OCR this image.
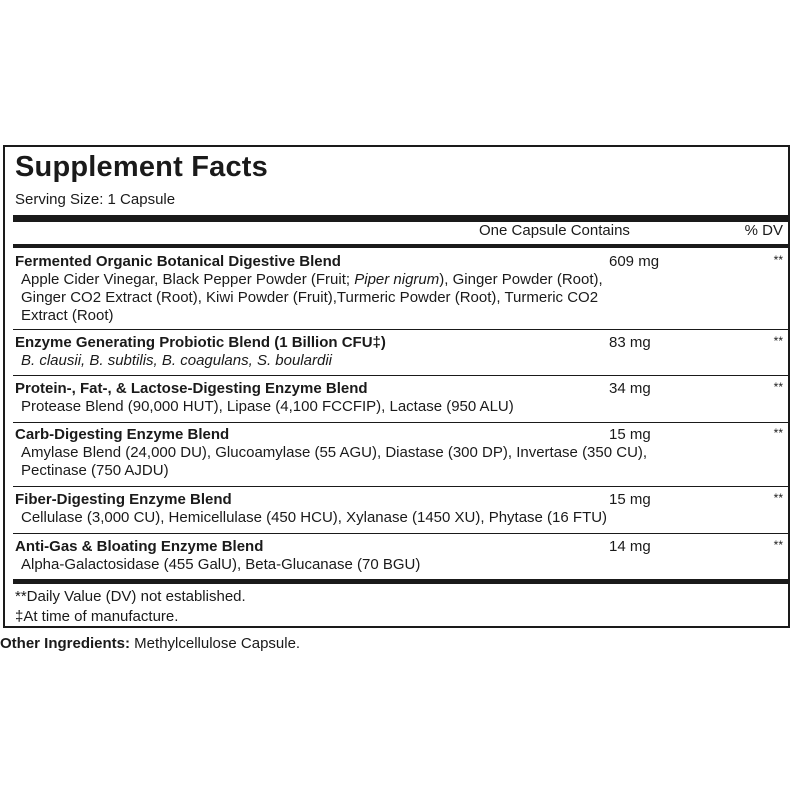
Supplement Facts
Serving Size: 1 Capsule
One Capsule Contains	% DV
Fermented Organic Botanical Digestive Blend	609 mg	**
Apple Cider Vinegar, Black Pepper Powder (Fruit; Piper nigrum), Ginger Powder (Root),
Ginger CO2 Extract (Root), Kiwi Powder (Fruit),Turmeric Powder (Root), Turmeric CO2
Extract (Root)
Enzyme Generating Probiotic Blend (1 Billion CFU‡)	83 mg	**
B. clausii, B. subtilis, B. coagulans, S. boulardii
Protein-, Fat-, & Lactose-Digesting Enzyme Blend	34 mg	**
Protease Blend (90,000 HUT), Lipase (4,100 FCCFIP), Lactase (950 ALU)
Carb-Digesting Enzyme Blend	15 mg	**
Amylase Blend (24,000 DU), Glucoamylase (55 AGU), Diastase (300 DP), Invertase (350 CU),
Pectinase (750 AJDU)
Fiber-Digesting Enzyme Blend	15 mg	**
Cellulase (3,000 CU), Hemicellulase (450 HCU), Xylanase (1450 XU), Phytase (16 FTU)
Anti-Gas & Bloating Enzyme Blend	14 mg	**
Alpha-Galactosidase (455 GalU), Beta-Glucanase (70 BGU)
**Daily Value (DV) not established.
‡At time of manufacture.
Other Ingredients: Methylcellulose Capsule.
